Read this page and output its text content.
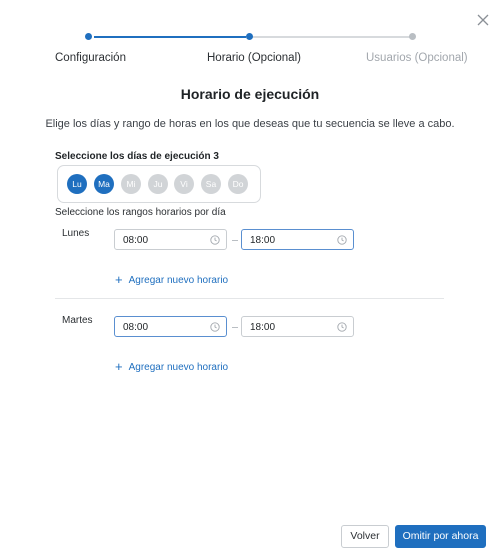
Configuración	Horario (Opcional)	Usuarios (Opcional)
Horario de ejecución
Elige los días y rango de horas en los que deseas que tu secuencia se lleve a cabo.
Seleccione los días de ejecución 3
Lu	Ma	Mi	Ju	Vi	Sa	Do
Seleccione los rangos horarios por día
Lunes
08:00	18:00
+ Agregar nuevo horario
Martes
08:00	18:00
+ Agregar nuevo horario
Volver	Omitir por ahora
